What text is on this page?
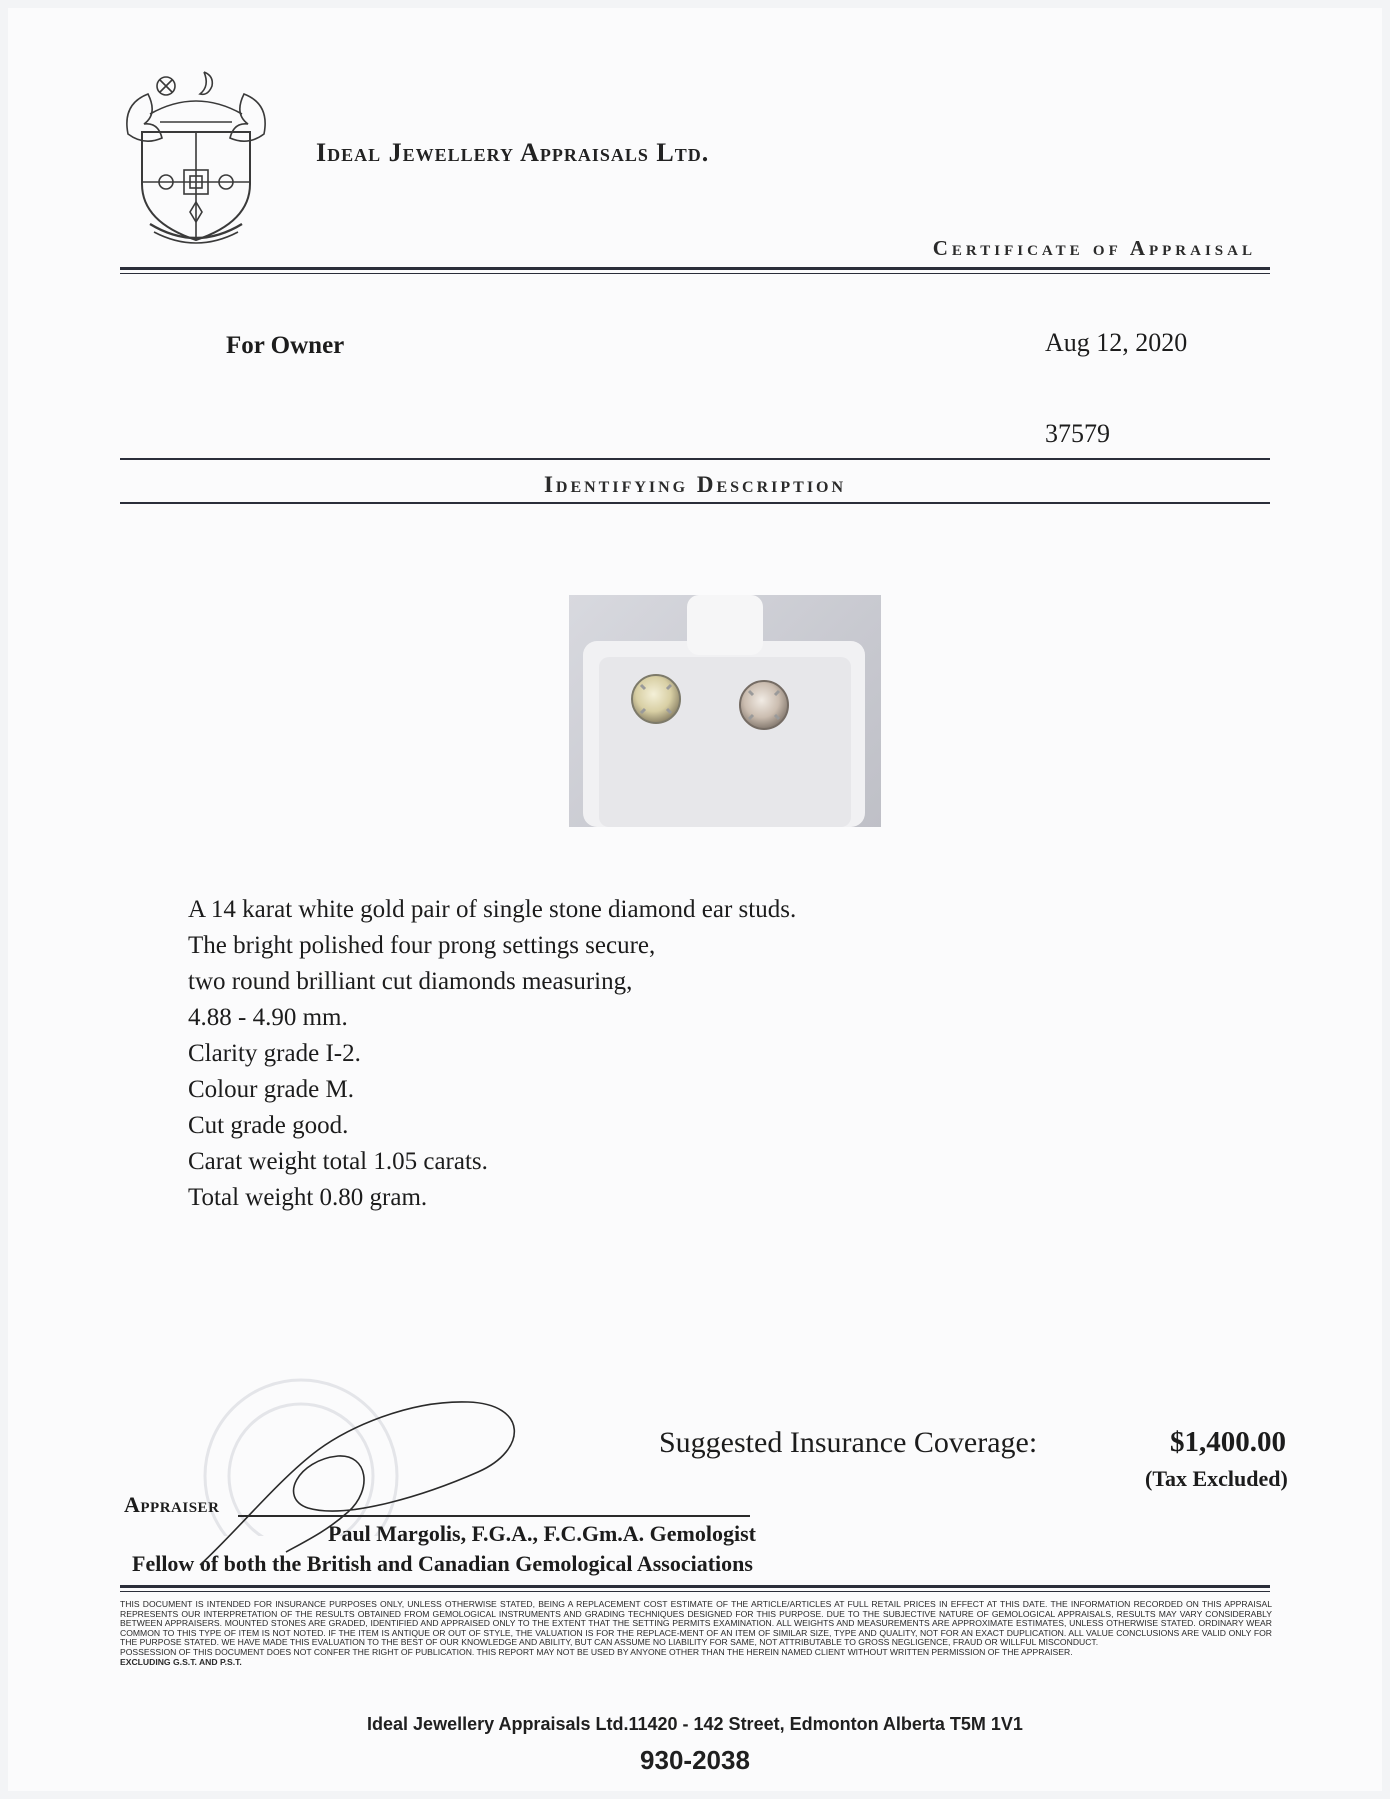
Ideal Jewellery Appraisals Ltd.
Certificate of Appraisal
For Owner	Aug 12, 2020
37579
Identifying Description
A 14 karat white gold pair of single stone diamond ear studs.
The bright polished four prong settings secure,
two round brilliant cut diamonds measuring,
4.88 - 4.90 mm.
Clarity grade I-2.
Colour grade M.
Cut grade good.
Carat weight total 1.05 carats.
Total weight 0.80 gram.
Suggested Insurance Coverage:	$1,400.00
(Tax Excluded)
Appraiser
Paul Margolis, F.G.A., F.C.Gm.A. Gemologist
Fellow of both the British and Canadian Gemological Associations

THIS DOCUMENT IS INTENDED FOR INSURANCE PURPOSES ONLY, UNLESS OTHERWISE STATED, BEING A REPLACEMENT COST ESTIMATE OF THE ARTICLE/ARTICLES AT FULL RETAIL PRICES IN EFFECT AT THIS DATE. THE INFORMATION RECORDED ON THIS APPRAISAL REPRESENTS OUR INTERPRETATION OF THE RESULTS OBTAINED FROM GEMOLOGICAL INSTRUMENTS AND GRADING TECHNIQUES DESIGNED FOR THIS PURPOSE. DUE TO THE SUBJECTIVE NATURE OF GEMOLOGICAL APPRAISALS, RESULTS MAY VARY CONSIDERABLY BETWEEN APPRAISERS. MOUNTED STONES ARE GRADED, IDENTIFIED AND APPRAISED ONLY TO THE EXTENT THAT THE SETTING PERMITS EXAMINATION. ALL WEIGHTS AND MEASUREMENTS ARE APPROXIMATE ESTIMATES, UNLESS OTHERWISE STATED. ORDINARY WEAR COMMON TO THIS TYPE OF ITEM IS NOT NOTED. IF THE ITEM IS ANTIQUE OR OUT OF STYLE, THE VALUATION IS FOR THE REPLACE-MENT OF AN ITEM OF SIMILAR SIZE, TYPE AND QUALITY, NOT FOR AN EXACT DUPLICATION. ALL VALUE CONCLUSIONS ARE VALID ONLY FOR THE PURPOSE STATED. WE HAVE MADE THIS EVALUATION TO THE BEST OF OUR KNOWLEDGE AND ABILITY, BUT CAN ASSUME NO LIABILITY FOR SAME, NOT ATTRIBUTABLE TO GROSS NEGLIGENCE, FRAUD OR WILLFUL MISCONDUCT.

POSSESSION OF THIS DOCUMENT DOES NOT CONFER THE RIGHT OF PUBLICATION. THIS REPORT MAY NOT BE USED BY ANYONE OTHER THAN THE HEREIN NAMED CLIENT WITHOUT WRITTEN PERMISSION OF THE APPRAISER.

EXCLUDING G.S.T. AND P.S.T.

Ideal Jewellery Appraisals Ltd.11420 - 142 Street, Edmonton Alberta T5M 1V1
930-2038
